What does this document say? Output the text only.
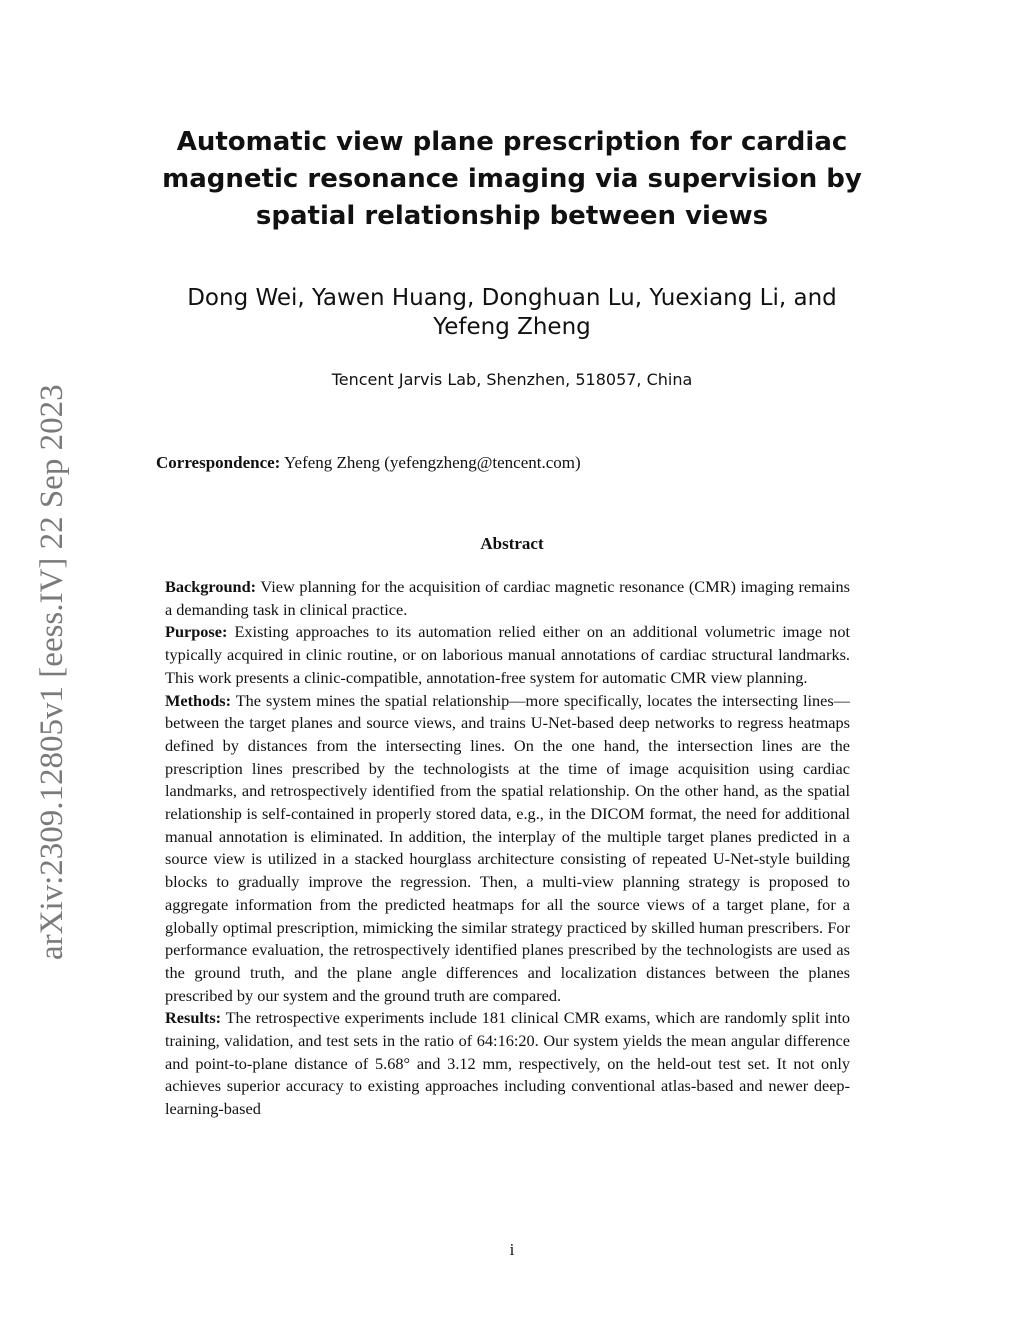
arXiv:2309.12805v1 [eess.IV] 22 Sep 2023
Automatic view plane prescription for cardiac magnetic resonance imaging via supervision by spatial relationship between views
Dong Wei, Yawen Huang, Donghuan Lu, Yuexiang Li, and Yefeng Zheng
Tencent Jarvis Lab, Shenzhen, 518057, China
Correspondence: Yefeng Zheng (yefengzheng@tencent.com)
Abstract

Background: View planning for the acquisition of cardiac magnetic resonance (CMR) imaging remains a demanding task in clinical practice.

Purpose: Existing approaches to its automation relied either on an additional volumetric image not typically acquired in clinic routine, or on laborious manual annotations of cardiac structural landmarks. This work presents a clinic-compatible, annotation-free system for automatic CMR view planning.

Methods: The system mines the spatial relationship—more specifically, locates the intersecting lines—between the target planes and source views, and trains U-Net-based deep networks to regress heatmaps defined by distances from the intersecting lines. On the one hand, the intersection lines are the prescription lines prescribed by the technologists at the time of image acquisition using cardiac landmarks, and retrospectively identified from the spatial relationship. On the other hand, as the spatial relationship is self-contained in properly stored data, e.g., in the DICOM format, the need for additional manual annotation is eliminated. In addition, the interplay of the multiple target planes predicted in a source view is utilized in a stacked hourglass architecture consisting of repeated U-Net-style building blocks to gradually improve the regression. Then, a multi-view planning strategy is proposed to aggregate information from the predicted heatmaps for all the source views of a target plane, for a globally optimal prescription, mimicking the similar strategy practiced by skilled human prescribers. For performance evaluation, the retrospectively identified planes prescribed by the technologists are used as the ground truth, and the plane angle differences and localization distances between the planes prescribed by our system and the ground truth are compared.

Results: The retrospective experiments include 181 clinical CMR exams, which are randomly split into training, validation, and test sets in the ratio of 64:16:20. Our system yields the mean angular difference and point-to-plane distance of 5.68° and 3.12 mm, respectively, on the held-out test set. It not only achieves superior accuracy to existing approaches including conventional atlas-based and newer deep-learning-based

i
